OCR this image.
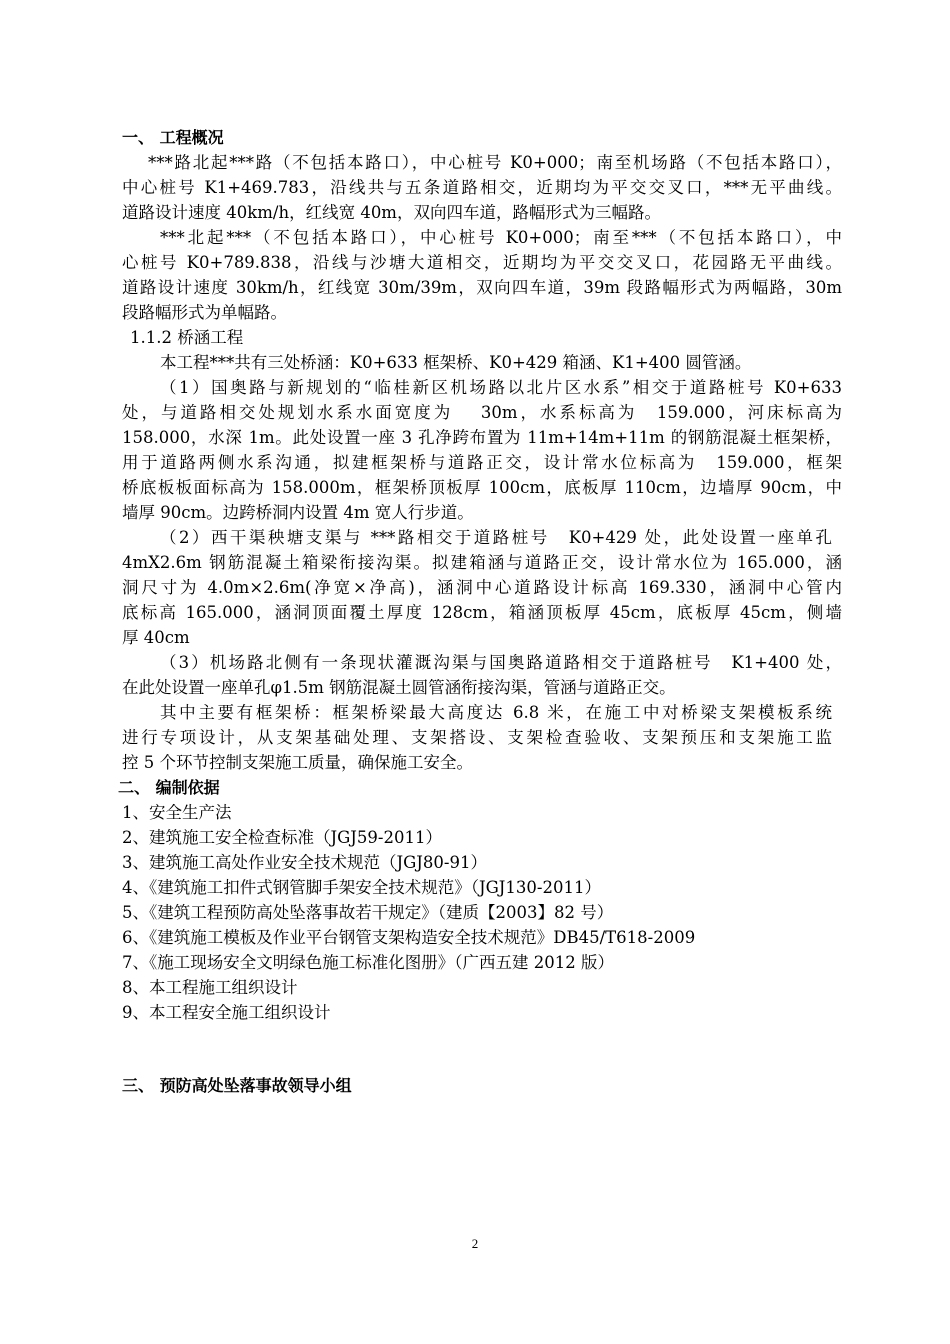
一、 工程概况
***路北起***路（不包括本路口），中心桩号 K0+000；南至机场路（不包括本路口），
中心桩号 K1+469.783，沿线共与五条道路相交，近期均为平交交叉口，***无平曲线。
道路设计速度 40km/h，红线宽 40m，双向四车道，路幅形式为三幅路。
***北起***（不包括本路口），中心桩号 K0+000；南至***（不包括本路口），中
心桩号 K0+789.838，沿线与沙塘大道相交，近期均为平交交叉口，花园路无平曲线。
道路设计速度 30km/h，红线宽 30m/39m，双向四车道，39m 段路幅形式为两幅路，30m
段路幅形式为单幅路。
1.1.2 桥涵工程
本工程***共有三处桥涵：K0+633 框架桥、K0+429 箱涵、K1+400 圆管涵。
（1）国奥路与新规划的“临桂新区机场路以北片区水系”相交于道路桩号 K0+633
处，与道路相交处规划水系水面宽度为　 30m，水系标高为　159.000，河床标高为
158.000，水深 1m。此处设置一座 3 孔净跨布置为 11m+14m+11m 的钢筋混凝土框架桥，
用于道路两侧水系沟通，拟建框架桥与道路正交，设计常水位标高为　159.000，框架
桥底板板面标高为 158.000m，框架桥顶板厚 100cm，底板厚 110cm，边墙厚 90cm，中
墙厚 90cm。边跨桥洞内设置 4m 宽人行步道。
（2）西干渠秧塘支渠与 ***路相交于道路桩号　K0+429 处，此处设置一座单孔
4mX2.6m 钢筋混凝土箱梁衔接沟渠。拟建箱涵与道路正交，设计常水位为 165.000，涵
洞尺寸为 4.0m×2.6m(净宽×净高)，涵洞中心道路设计标高 169.330，涵洞中心管内
底标高 165.000，涵洞顶面覆土厚度 128cm，箱涵顶板厚 45cm，底板厚 45cm，侧墙
厚 40cm
（3）机场路北侧有一条现状灌溉沟渠与国奥路道路相交于道路桩号　K1+400 处，
在此处设置一座单孔φ1.5m 钢筋混凝土圆管涵衔接沟渠，管涵与道路正交。
其中主要有框架桥：框架桥梁最大高度达 6.8 米，在施工中对桥梁支架模板系统
进行专项设计，从支架基础处理、支架搭设、支架检查验收、支架预压和支架施工监
控 5 个环节控制支架施工质量，确保施工安全。
二、 编制依据
1、安全生产法
2、建筑施工安全检查标准（JGJ59-2011）
3、建筑施工高处作业安全技术规范（JGJ80-91）
4、《建筑施工扣件式钢管脚手架安全技术规范》（JGJ130-2011）
5、《建筑工程预防高处坠落事故若干规定》（建质【2003】82 号）
6、《建筑施工模板及作业平台钢管支架构造安全技术规范》DB45/T618-2009
7、《施工现场安全文明绿色施工标准化图册》（广西五建 2012 版）
8、本工程施工组织设计
9、本工程安全施工组织设计
三、 预防高处坠落事故领导小组
2
